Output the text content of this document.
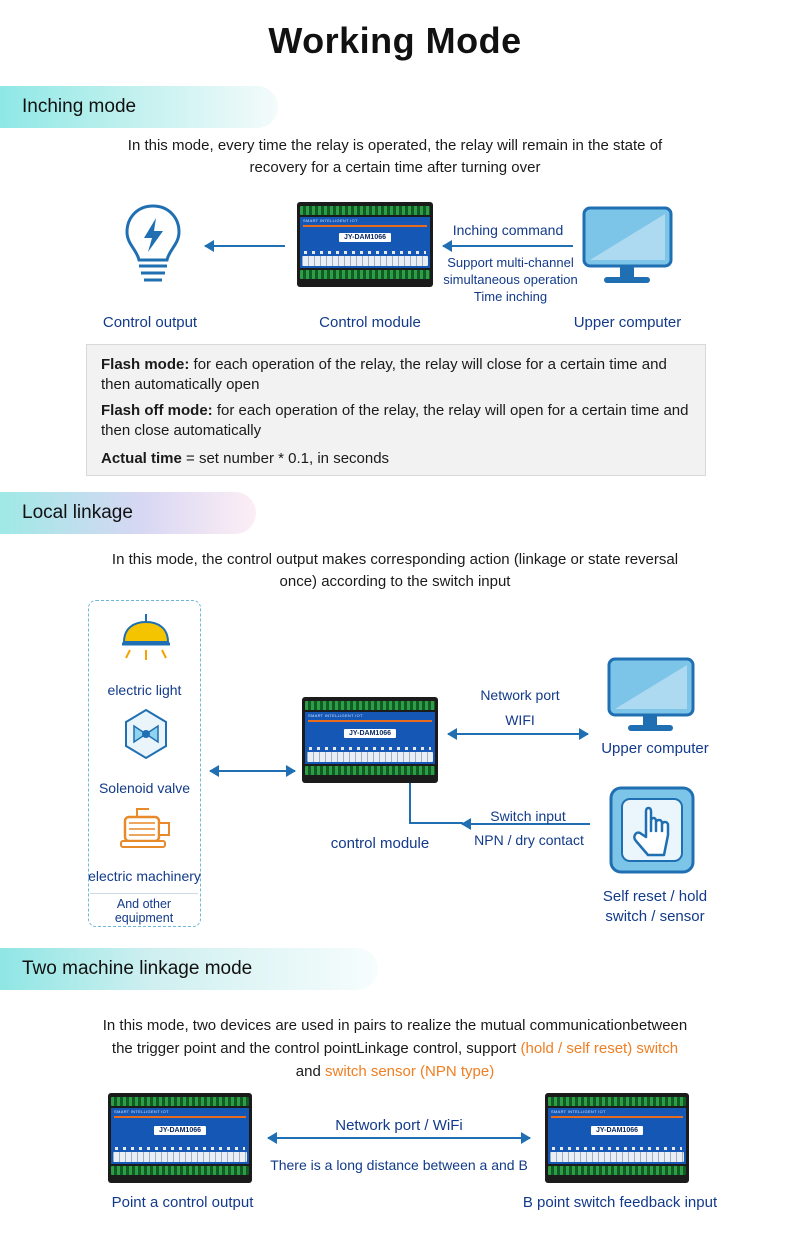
Working Mode
Inching mode
In this mode, every time the relay is operated, the relay will remain in the state of recovery for a certain time after turning over
SMART INTELLIGENT IOT
JY-DAM1066	Inching command
Support multi-channel
simultaneous operation
Time inching
Control output	Control module	Upper computer
Flash mode: for each operation of the relay, the relay will close for a certain time and then automatically open
Flash off mode: for each operation of the relay, the relay will open for a certain time and then close automatically
Actual time = set number * 0.1, in seconds
Local linkage
In this mode, the control output makes corresponding action (linkage or state reversal once) according to the switch input
electric light
Solenoid valve
electric machinery
And other equipment
SMART INTELLIGENT IOT
JY-DAM1066
control module
Network port
WIFI
Upper computer
Switch input
NPN / dry contact
Self reset / hold
switch / sensor
Two machine linkage mode
In this mode, two devices are used in pairs to realize the mutual communicationbetween
the trigger point and the control pointLinkage control, support (hold / self reset) switch
and switch sensor (NPN type)
SMART INTELLIGENT IOT
JY-DAM1066
SMART INTELLIGENT IOT
JY-DAM1066
Network port / WiFi
There is a long distance between a and B
Point a control output	B point switch feedback input
